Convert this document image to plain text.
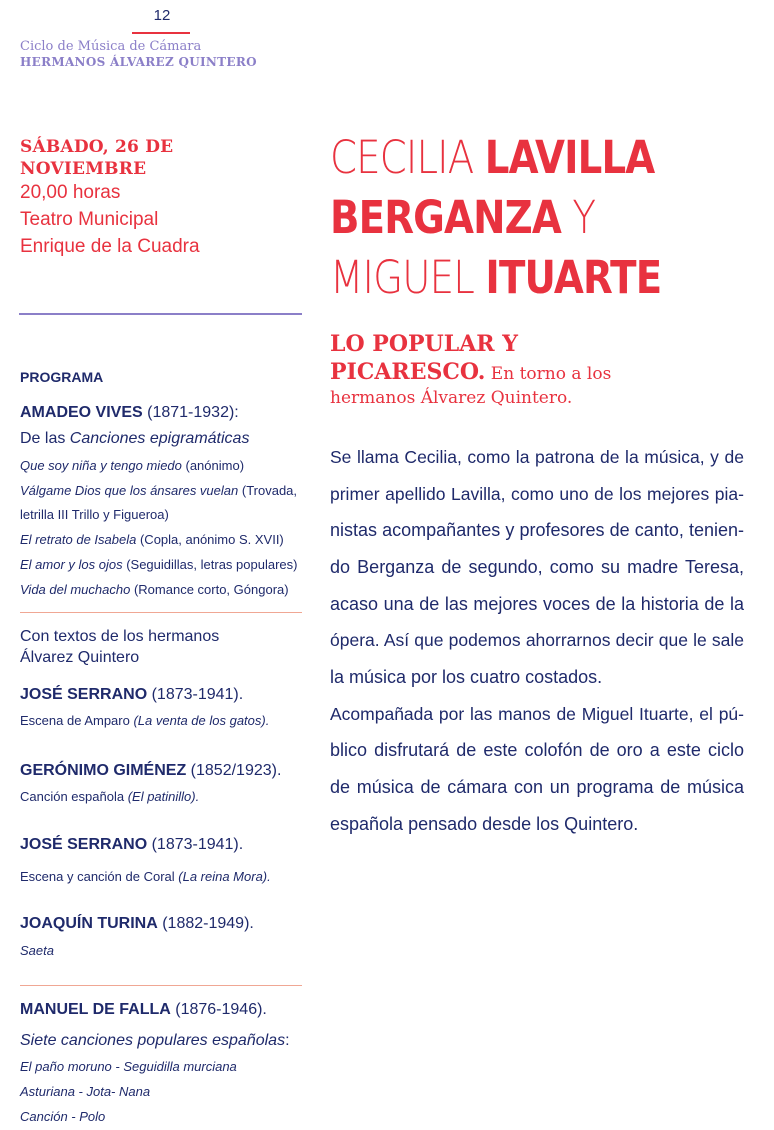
12
Ciclo de Música de Cámara
HERMANOS ÁLVAREZ QUINTERO
SÁBADO, 26 DE NOVIEMBRE
20,00 horas
Teatro Municipal
Enrique de la Cuadra
PROGRAMA
AMADEO VIVES (1871-1932):
De las Canciones epigramáticas
Que soy niña y tengo miedo (anónimo)
Válgame Dios que los ánsares vuelan (Trovada,
letrilla III Trillo y Figueroa)
El retrato de Isabela (Copla, anónimo S. XVII)
El amor y los ojos (Seguidillas, letras populares)
Vida del muchacho (Romance corto, Góngora)
Con textos de los hermanos
Álvarez Quintero
JOSÉ SERRANO (1873-1941).
Escena de Amparo (La venta de los gatos).
GERÓNIMO GIMÉNEZ (1852/1923).
Canción española (El patinillo).
JOSÉ SERRANO (1873-1941).
Escena y canción de Coral (La reina Mora).
JOAQUÍN TURINA (1882-1949).
Saeta
MANUEL DE FALLA (1876-1946).
Siete canciones populares españolas:
El paño moruno - Seguidilla murciana
Asturiana - Jota- Nana
Canción - Polo
CECILIA LAVILLA
BERGANZA Y
MIGUEL ITUARTE
LO POPULAR Y
PICARESCO. En torno a los
hermanos Álvarez Quintero.
Se llama Cecilia, como la patrona de la música, y de
primer apellido Lavilla, como uno de los mejores pia-
nistas acompañantes y profesores de canto, tenien-
do Berganza de segundo, como su madre Teresa,
acaso una de las mejores voces de la historia de la
ópera. Así que podemos ahorrarnos decir que le sale
la música por los cuatro costados.
Acompañada por las manos de Miguel Ituarte, el pú-
blico disfrutará de este colofón de oro a este ciclo
de música de cámara con un programa de música
española pensado desde los Quintero.
